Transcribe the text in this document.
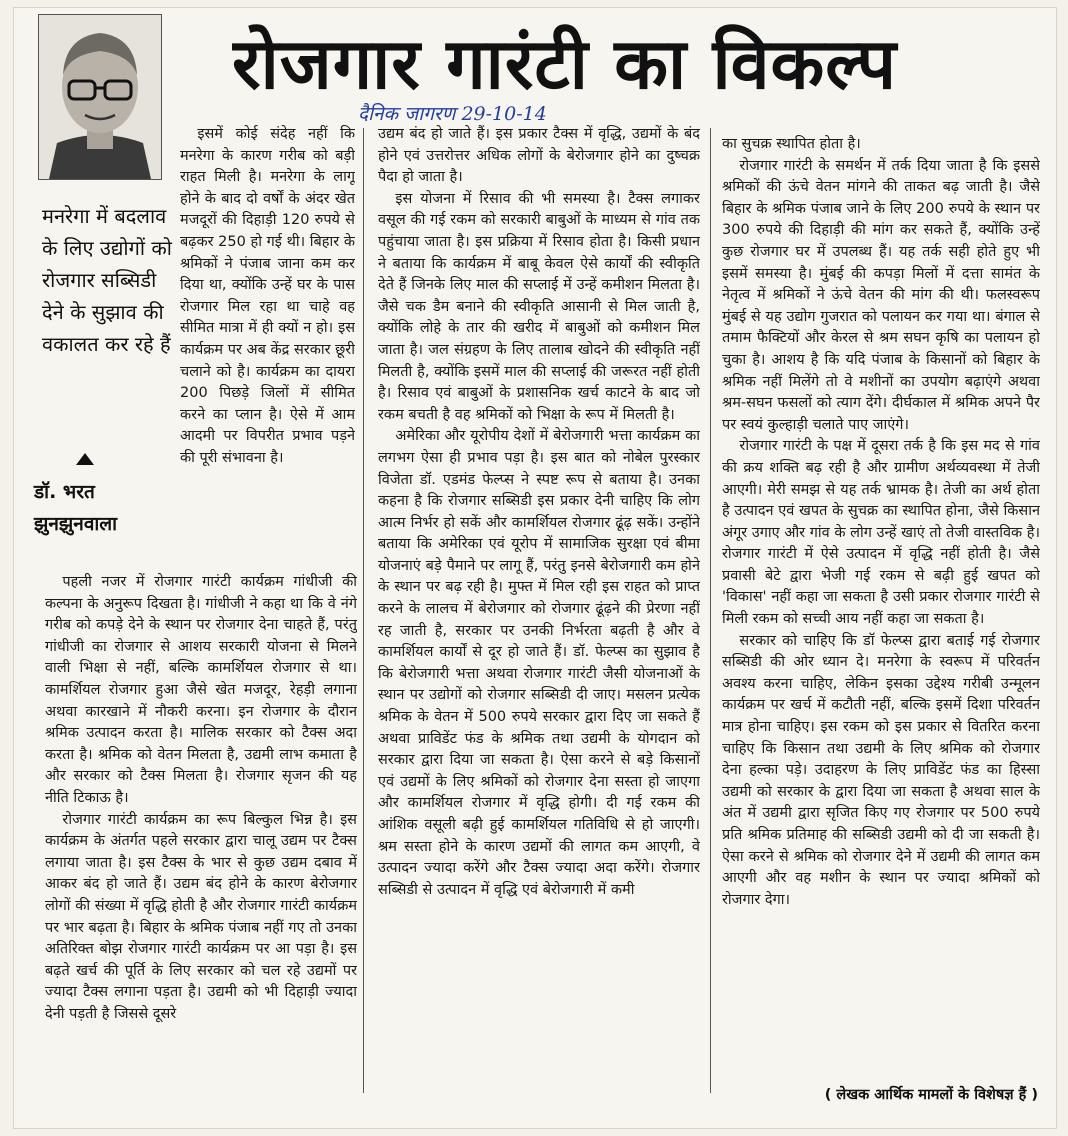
रोजगार गारंटी का विकल्प
दैनिक जागरण 29-10-14
मनरेगा में बदलाव के लिए उद्योगों को रोजगार सब्सिडी देने के सुझाव की वकालत कर रहे हैं
डॉ. भरत
झुनझुनवाला

इसमें कोई संदेह नहीं कि मनरेगा के कारण गरीब को बड़ी राहत मिली है। मनरेगा के लागू होने के बाद दो वर्षों के अंदर खेत मजदूरों की दिहाड़ी 120 रुपये से बढ़कर 250 हो गई थी। बिहार के श्रमिकों ने पंजाब जाना कम कर दिया था, क्योंकि उन्हें घर के पास रोजगार मिल रहा था चाहे वह सीमित मात्रा में ही क्यों न हो। इस कार्यक्रम पर अब केंद्र सरकार छूरी चलाने को है। कार्यक्रम का दायरा 200 पिछड़े जिलों में सीमित करने का प्लान है। ऐसे में आम आदमी पर विपरीत प्रभाव पड़ने की पूरी संभावना है।

पहली नजर में रोजगार गारंटी कार्यक्रम गांधीजी की कल्पना के अनुरूप दिखता है। गांधीजी ने कहा था कि वे नंगे गरीब को कपड़े देने के स्थान पर रोजगार देना चाहते हैं, परंतु गांधीजी का रोजगार से आशय सरकारी योजना से मिलने वाली भिक्षा से नहीं, बल्कि कामर्शियल रोजगार से था। कामर्शियल रोजगार हुआ जैसे खेत मजदूर, रेहड़ी लगाना अथवा कारखाने में नौकरी करना। इन रोजगार के दौरान श्रमिक उत्पादन करता है। मालिक सरकार को टैक्स अदा करता है। श्रमिक को वेतन मिलता है, उद्यमी लाभ कमाता है और सरकार को टैक्स मिलता है। रोजगार सृजन की यह नीति टिकाऊ है।

रोजगार गारंटी कार्यक्रम का रूप बिल्कुल भिन्न है। इस कार्यक्रम के अंतर्गत पहले सरकार द्वारा चालू उद्यम पर टैक्स लगाया जाता है। इस टैक्स के भार से कुछ उद्यम दबाव में आकर बंद हो जाते हैं। उद्यम बंद होने के कारण बेरोजगार लोगों की संख्या में वृद्धि होती है और रोजगार गारंटी कार्यक्रम पर भार बढ़ता है। बिहार के श्रमिक पंजाब नहीं गए तो उनका अतिरिक्त बोझ रोजगार गारंटी कार्यक्रम पर आ पड़ा है। इस बढ़ते खर्च की पूर्ति के लिए सरकार को चल रहे उद्यमों पर ज्यादा टैक्स लगाना पड़ता है। उद्यमी को भी दिहाड़ी ज्यादा देनी पड़ती है जिससे दूसरे

उद्यम बंद हो जाते हैं। इस प्रकार टैक्स में वृद्धि, उद्यमों के बंद होने एवं उत्तरोत्तर अधिक लोगों के बेरोजगार होने का दुष्चक्र पैदा हो जाता है।

इस योजना में रिसाव की भी समस्या है। टैक्स लगाकर वसूल की गई रकम को सरकारी बाबुओं के माध्यम से गांव तक पहुंचाया जाता है। इस प्रक्रिया में रिसाव होता है। किसी प्रधान ने बताया कि कार्यक्रम में बाबू केवल ऐसे कार्यों की स्वीकृति देते हैं जिनके लिए माल की सप्लाई में उन्हें कमीशन मिलता है। जैसे चक डैम बनाने की स्वीकृति आसानी से मिल जाती है, क्योंकि लोहे के तार की खरीद में बाबुओं को कमीशन मिल जाता है। जल संग्रहण के लिए तालाब खोदने की स्वीकृति नहीं मिलती है, क्योंकि इसमें माल की सप्लाई की जरूरत नहीं होती है। रिसाव एवं बाबुओं के प्रशासनिक खर्च काटने के बाद जो रकम बचती है वह श्रमिकों को भिक्षा के रूप में मिलती है।

अमेरिका और यूरोपीय देशों में बेरोजगारी भत्ता कार्यक्रम का लगभग ऐसा ही प्रभाव पड़ा है। इस बात को नोबेल पुरस्कार विजेता डॉ. एडमंड फेल्प्स ने स्पष्ट रूप से बताया है। उनका कहना है कि रोजगार सब्सिडी इस प्रकार देनी चाहिए कि लोग आत्म निर्भर हो सकें और कामर्शियल रोजगार ढूंढ़ सकें। उन्होंने बताया कि अमेरिका एवं यूरोप में सामाजिक सुरक्षा एवं बीमा योजनाएं बड़े पैमाने पर लागू हैं, परंतु इनसे बेरोजगारी कम होने के स्थान पर बढ़ रही है। मुफ्त में मिल रही इस राहत को प्राप्त करने के लालच में बेरोजगार को रोजगार ढूंढ़ने की प्रेरणा नहीं रह जाती है, सरकार पर उनकी निर्भरता बढ़ती है और वे कामर्शियल कार्यों से दूर हो जाते हैं। डॉ. फेल्प्स का सुझाव है कि बेरोजगारी भत्ता अथवा रोजगार गारंटी जैसी योजनाओं के स्थान पर उद्योगों को रोजगार सब्सिडी दी जाए। मसलन प्रत्येक श्रमिक के वेतन में 500 रुपये सरकार द्वारा दिए जा सकते हैं अथवा प्राविडेंट फंड के श्रमिक तथा उद्यमी के योगदान को सरकार द्वारा दिया जा सकता है। ऐसा करने से बड़े किसानों एवं उद्यमों के लिए श्रमिकों को रोजगार देना सस्ता हो जाएगा और कामर्शियल रोजगार में वृद्धि होगी। दी गई रकम की आंशिक वसूली बढ़ी हुई कामर्शियल गतिविधि से हो जाएगी। श्रम सस्ता होने के कारण उद्यमों की लागत कम आएगी, वे उत्पादन ज्यादा करेंगे और टैक्स ज्यादा अदा करेंगे। रोजगार सब्सिडी से उत्पादन में वृद्धि एवं बेरोजगारी में कमी

का सुचक्र स्थापित होता है।

रोजगार गारंटी के समर्थन में तर्क दिया जाता है कि इससे श्रमिकों की ऊंचे वेतन मांगने की ताकत बढ़ जाती है। जैसे बिहार के श्रमिक पंजाब जाने के लिए 200 रुपये के स्थान पर 300 रुपये की दिहाड़ी की मांग कर सकते हैं, क्योंकि उन्हें कुछ रोजगार घर में उपलब्ध हैं। यह तर्क सही होते हुए भी इसमें समस्या है। मुंबई की कपड़ा मिलों में दत्ता सामंत के नेतृत्व में श्रमिकों ने ऊंचे वेतन की मांग की थी। फलस्वरूप मुंबई से यह उद्योग गुजरात को पलायन कर गया था। बंगाल से तमाम फैक्टियों और केरल से श्रम सघन कृषि का पलायन हो चुका है। आशय है कि यदि पंजाब के किसानों को बिहार के श्रमिक नहीं मिलेंगे तो वे मशीनों का उपयोग बढ़ाएंगे अथवा श्रम-सघन फसलों को त्याग देंगे। दीर्घकाल में श्रमिक अपने पैर पर स्वयं कुल्हाड़ी चलाते पाए जाएंगे।

रोजगार गारंटी के पक्ष में दूसरा तर्क है कि इस मद से गांव की क्रय शक्ति बढ़ रही है और ग्रामीण अर्थव्यवस्था में तेजी आएगी। मेरी समझ से यह तर्क भ्रामक है। तेजी का अर्थ होता है उत्पादन एवं खपत के सुचक्र का स्थापित होना, जैसे किसान अंगूर उगाए और गांव के लोग उन्हें खाएं तो तेजी वास्तविक है। रोजगार गारंटी में ऐसे उत्पादन में वृद्धि नहीं होती है। जैसे प्रवासी बेटे द्वारा भेजी गई रकम से बढ़ी हुई खपत को 'विकास' नहीं कहा जा सकता है उसी प्रकार रोजगार गारंटी से मिली रकम को सच्ची आय नहीं कहा जा सकता है।

सरकार को चाहिए कि डॉ फेल्प्स द्वारा बताई गई रोजगार सब्सिडी की ओर ध्यान दे। मनरेगा के स्वरूप में परिवर्तन अवश्य करना चाहिए, लेकिन इसका उद्देश्य गरीबी उन्मूलन कार्यक्रम पर खर्च में कटौती नहीं, बल्कि इसमें दिशा परिवर्तन मात्र होना चाहिए। इस रकम को इस प्रकार से वितरित करना चाहिए कि किसान तथा उद्यमी के लिए श्रमिक को रोजगार देना हल्का पड़े। उदाहरण के लिए प्राविडेंट फंड का हिस्सा उद्यमी को सरकार के द्वारा दिया जा सकता है अथवा साल के अंत में उद्यमी द्वारा सृजित किए गए रोजगार पर 500 रुपये प्रति श्रमिक प्रतिमाह की सब्सिडी उद्यमी को दी जा सकती है। ऐसा करने से श्रमिक को रोजगार देने में उद्यमी की लागत कम आएगी और वह मशीन के स्थान पर ज्यादा श्रमिकों को रोजगार देगा।

( लेखक आर्थिक मामलों के विशेषज्ञ हैं )
